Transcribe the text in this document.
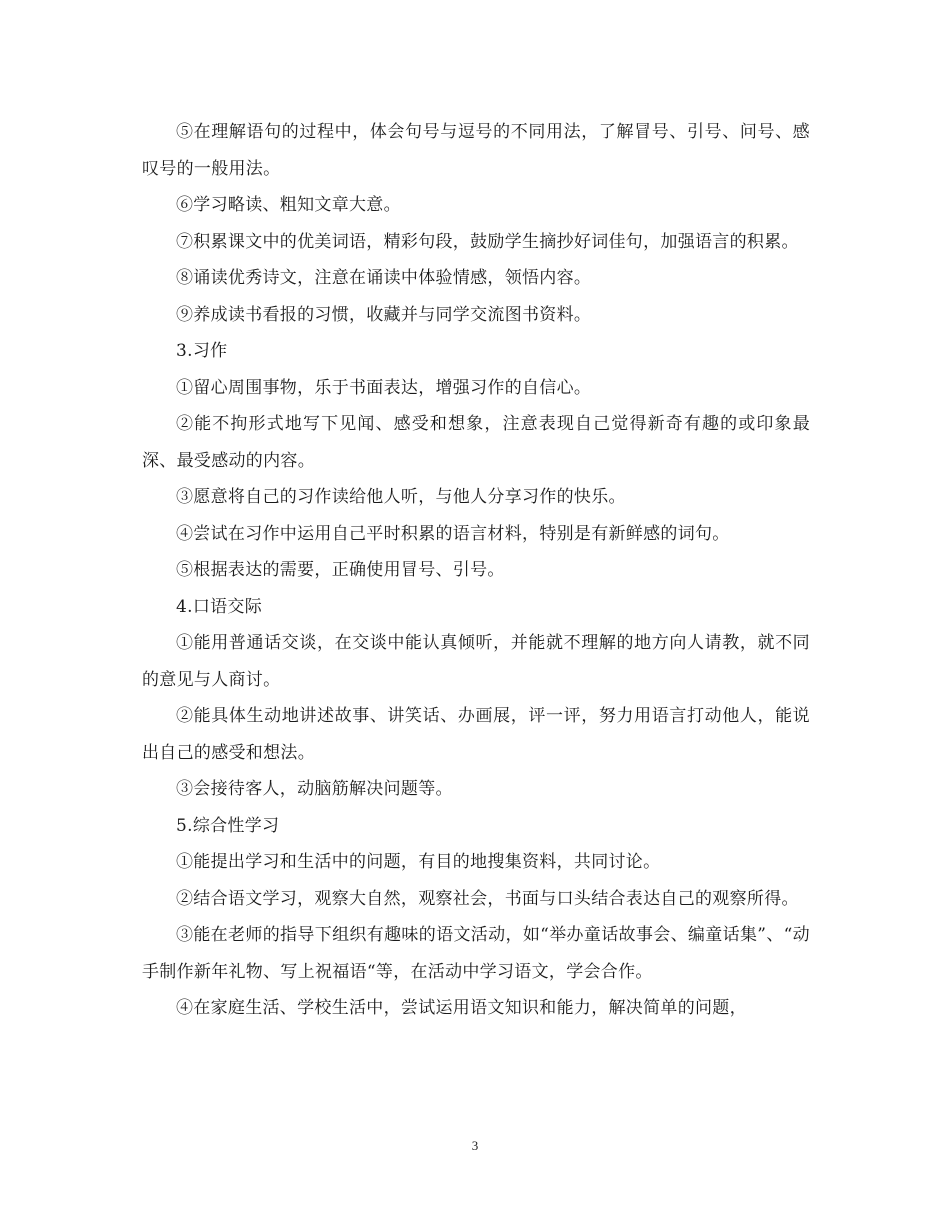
⑤在理解语句的过程中，体会句号与逗号的不同用法，了解冒号、引号、问号、感叹号的一般用法。

⑥学习略读、粗知文章大意。

⑦积累课文中的优美词语，精彩句段，鼓励学生摘抄好词佳句，加强语言的积累。

⑧诵读优秀诗文，注意在诵读中体验情感，领悟内容。

⑨养成读书看报的习惯，收藏并与同学交流图书资料。

3.习作

①留心周围事物，乐于书面表达，增强习作的自信心。

②能不拘形式地写下见闻、感受和想象，注意表现自己觉得新奇有趣的或印象最深、最受感动的内容。

③愿意将自己的习作读给他人听，与他人分享习作的快乐。

④尝试在习作中运用自己平时积累的语言材料，特别是有新鲜感的词句。

⑤根据表达的需要，正确使用冒号、引号。

4.口语交际

①能用普通话交谈，在交谈中能认真倾听，并能就不理解的地方向人请教，就不同的意见与人商讨。

②能具体生动地讲述故事、讲笑话、办画展，评一评，努力用语言打动他人，能说出自己的感受和想法。

③会接待客人，动脑筋解决问题等。

5.综合性学习

①能提出学习和生活中的问题，有目的地搜集资料，共同讨论。

②结合语文学习，观察大自然，观察社会，书面与口头结合表达自己的观察所得。

③能在老师的指导下组织有趣味的语文活动，如“举办童话故事会、编童话集”、“动手制作新年礼物、写上祝福语“等，在活动中学习语文，学会合作。

④在家庭生活、学校生活中，尝试运用语文知识和能力，解决简单的问题，

3
